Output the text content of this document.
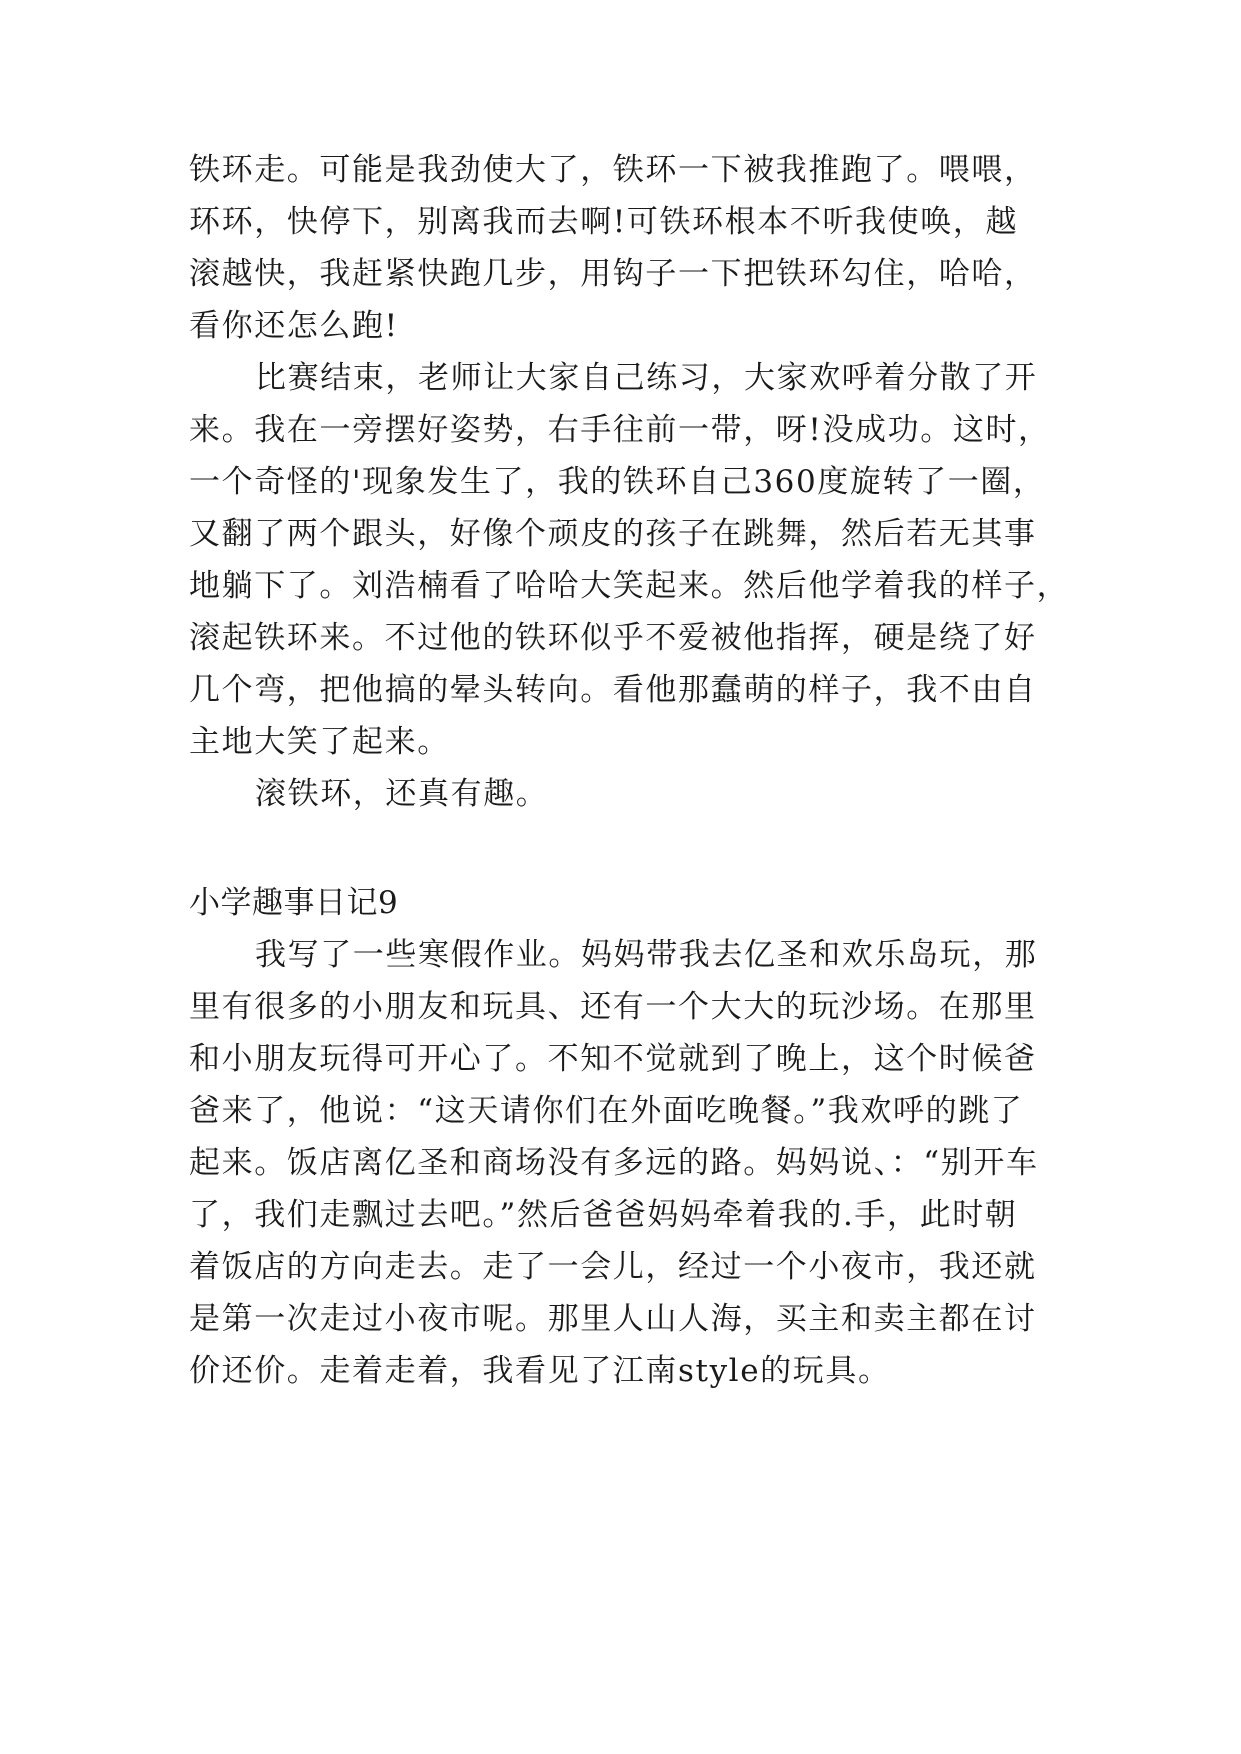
铁环走。可能是我劲使大了，铁环一下被我推跑了。喂喂，
环环，快停下，别离我而去啊!可铁环根本不听我使唤，越
滚越快，我赶紧快跑几步，用钩子一下把铁环勾住，哈哈，
看你还怎么跑!
比赛结束，老师让大家自己练习，大家欢呼着分散了开
来。我在一旁摆好姿势，右手往前一带，呀!没成功。这时，
一个奇怪的'现象发生了，我的铁环自己360度旋转了一圈，
又翻了两个跟头，好像个顽皮的孩子在跳舞，然后若无其事
地躺下了。刘浩楠看了哈哈大笑起来。然后他学着我的样子，
滚起铁环来。不过他的铁环似乎不爱被他指挥，硬是绕了好
几个弯，把他搞的晕头转向。看他那蠢萌的样子，我不由自
主地大笑了起来。
滚铁环，还真有趣。
小学趣事日记9
我写了一些寒假作业。妈妈带我去亿圣和欢乐岛玩，那
里有很多的小朋友和玩具、还有一个大大的玩沙场。在那里
和小朋友玩得可开心了。不知不觉就到了晚上，这个时候爸
爸来了，他说：“这天请你们在外面吃晚餐。”我欢呼的跳了
起来。饭店离亿圣和商场没有多远的路。妈妈说、：“别开车
了，我们走飘过去吧。”然后爸爸妈妈牵着我的.手，此时朝
着饭店的方向走去。走了一会儿，经过一个小夜市，我还就
是第一次走过小夜市呢。那里人山人海，买主和卖主都在讨
价还价。走着走着，我看见了江南style的玩具。
